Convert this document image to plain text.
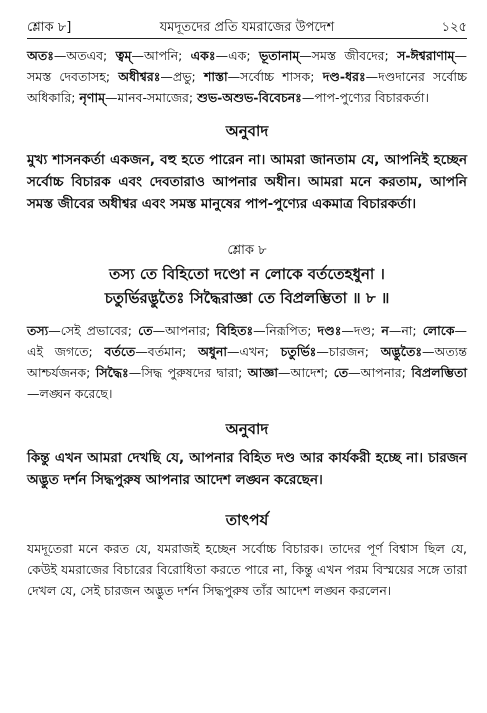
শ্লোক ৮]	যমদূতদের প্রতি যমরাজের উপদেশ	১২৫
অতঃ—অতএব; ত্বম্—আপনি; একঃ—এক; ভূতানাম্—সমস্ত জীবদের; স-ঈশ্বরাণাম্—সমস্ত দেবতাসহ; অধীশ্বরঃ—প্রভু; শাস্তা—সর্বোচ্চ শাসক; দণ্ড-ধরঃ—দণ্ডদানের সর্বোচ্চ অধিকারি; নৃণাম্—মানব-সমাজের; শুভ-অশুভ-বিবেচনঃ—পাপ-পুণ্যের বিচারকর্তা।
অনুবাদ
মুখ্য শাসনকর্তা একজন, বহু হতে পারেন না। আমরা জানতাম যে, আপনিই হচ্ছেন সর্বোচ্চ বিচারক এবং দেবতারাও আপনার অধীন। আমরা মনে করতাম, আপনি সমস্ত জীবের অধীশ্বর এবং সমস্ত মানুষের পাপ-পুণ্যের একমাত্র বিচারকর্তা।
শ্লোক ৮
তস্য তে বিহিতো দণ্ডো ন লোকে বর্ততেহধুনা ।
চতুর্ভিরদ্ভুতৈঃ সিদ্ধৈরাজ্ঞা তে বিপ্রলম্ভিতা ॥ ৮ ॥
তস্য—সেই প্রভাবের; তে—আপনার; বিহিতঃ—নিরূপিত; দণ্ডঃ—দণ্ড; ন—না; লোকে—এই জগতে; বর্ততে—বর্তমান; অধুনা—এখন; চতুর্ভিঃ—চারজন; অদ্ভুতৈঃ—অত্যন্ত আশ্চর্যজনক; সিদ্ধৈঃ—সিদ্ধ পুরুষদের দ্বারা; আজ্ঞা—আদেশ; তে—আপনার; বিপ্রলম্ভিতা—লঙ্ঘন করেছে।
অনুবাদ
কিন্তু এখন আমরা দেখছি যে, আপনার বিহিত দণ্ড আর কার্যকরী হচ্ছে না। চারজন অদ্ভুত দর্শন সিদ্ধপুরুষ আপনার আদেশ লঙ্ঘন করেছেন।
তাৎপর্য
যমদূতেরা মনে করত যে, যমরাজই হচ্ছেন সর্বোচ্চ বিচারক। তাদের পূর্ণ বিশ্বাস ছিল যে, কেউই যমরাজের বিচারের বিরোধিতা করতে পারে না, কিন্তু এখন পরম বিস্ময়ের সঙ্গে তারা দেখল যে, সেই চারজন অদ্ভুত দর্শন সিদ্ধপুরুষ তাঁর আদেশ লঙ্ঘন করলেন।
